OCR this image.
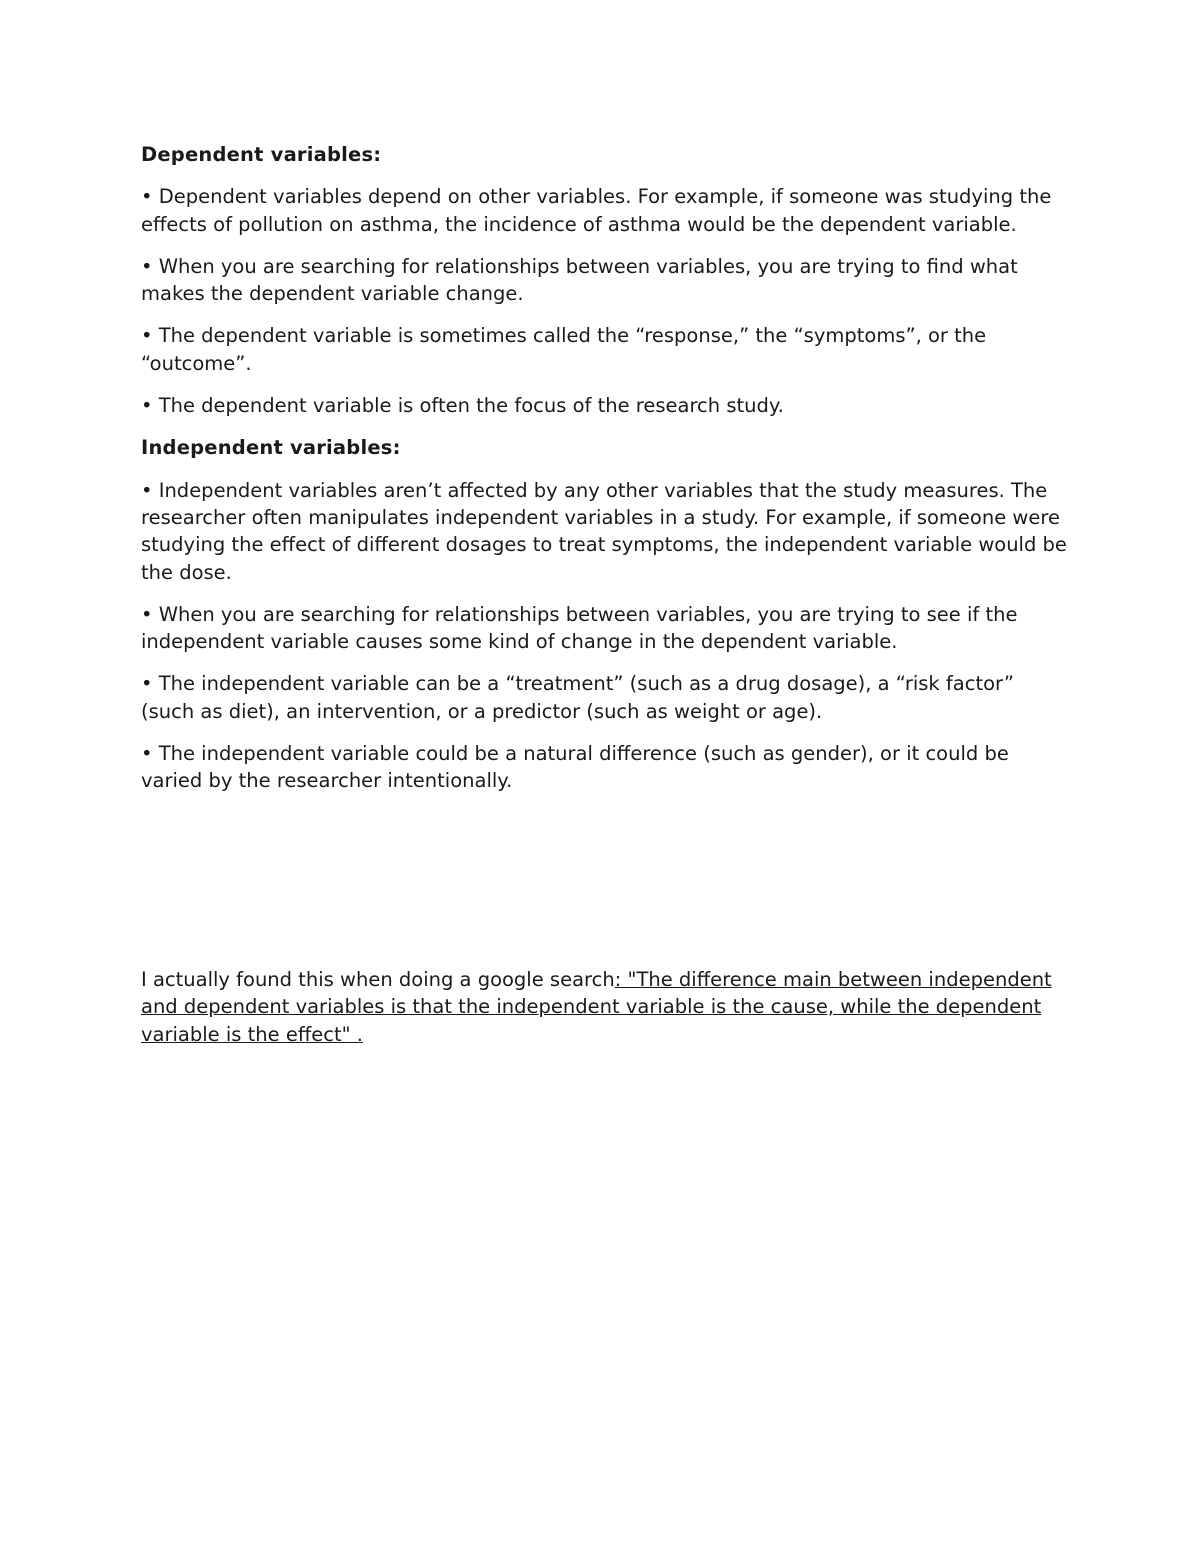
Dependent variables:
• Dependent variables depend on other variables. For example, if someone was studying the effects of pollution on asthma, the incidence of asthma would be the dependent variable.
• When you are searching for relationships between variables, you are trying to find what makes the dependent variable change.
• The dependent variable is sometimes called the “response,” the “symptoms”, or the “outcome”.
• The dependent variable is often the focus of the research study.
Independent variables:
• Independent variables aren’t affected by any other variables that the study measures. The researcher often manipulates independent variables in a study. For example, if someone were studying the effect of different dosages to treat symptoms, the independent variable would be the dose.
• When you are searching for relationships between variables, you are trying to see if the independent variable causes some kind of change in the dependent variable.
• The independent variable can be a “treatment” (such as a drug dosage), a “risk factor” (such as diet), an intervention, or a predictor (such as weight or age).
• The independent variable could be a natural difference (such as gender), or it could be varied by the researcher intentionally.
I actually found this when doing a google search: "The difference main between independent and dependent variables is that the independent variable is the cause, while the dependent variable is the effect" .
